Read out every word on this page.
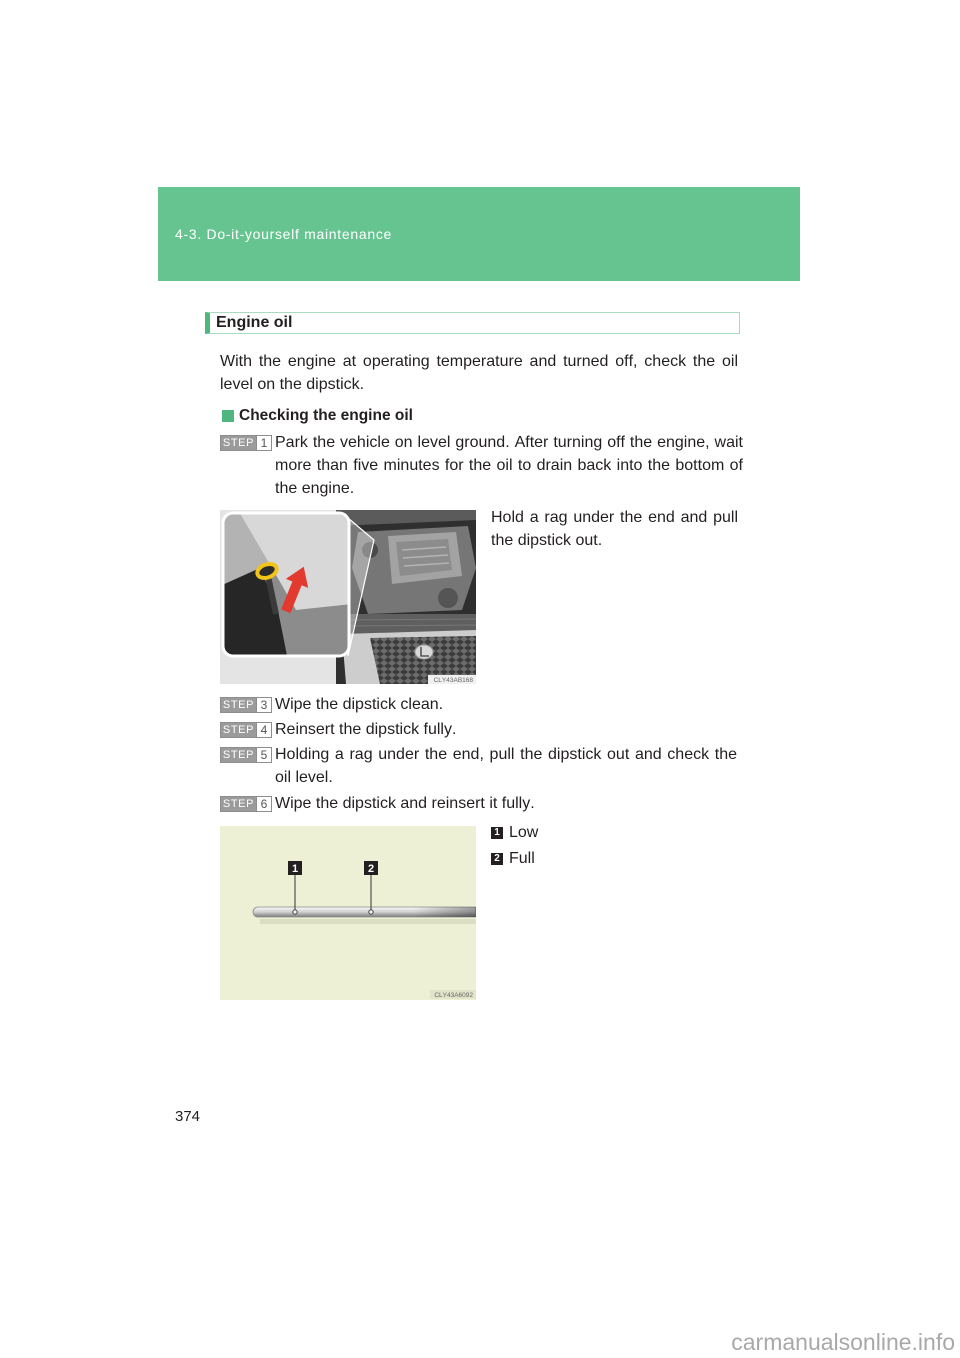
4-3. Do-it-yourself maintenance
Engine oil
With the engine at operating temperature and turned off, check the oil level on the dipstick.
Checking the engine oil
STEP 1 Park the vehicle on level ground. After turning off the engine, wait more than five minutes for the oil to drain back into the bottom of the engine.
CLY43AB168
Hold a rag under the end and pull the dipstick out.
STEP 3 Wipe the dipstick clean.
STEP 4 Reinsert the dipstick fully.
STEP 5 Holding a rag under the end, pull the dipstick out and check the oil level.
STEP 6 Wipe the dipstick and reinsert it fully.
1	2
CLY43A6092
1 Low
2 Full
374
carmanualsonline.info
